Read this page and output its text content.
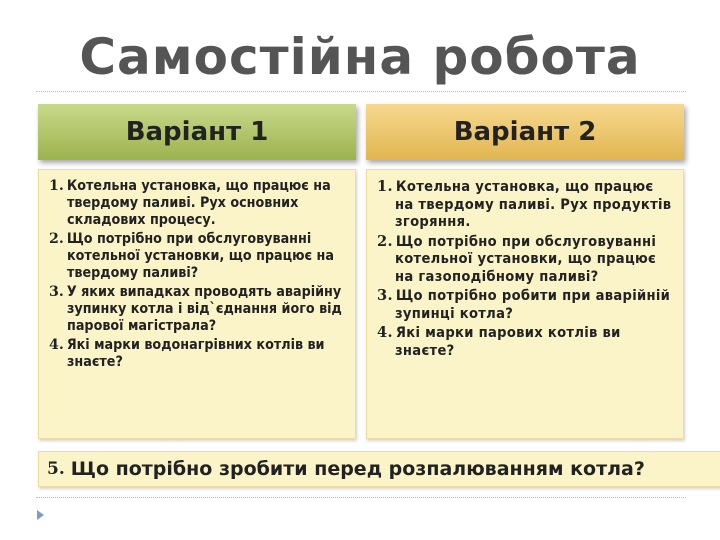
Самостійна робота
Варіант 1	Варіант 2
1. Котельна установка, що працює на твердому паливі. Рух основних складових процесу.
2. Що потрібно при обслуговуванні котельної установки, що працює на твердому паливі?
3. У яких випадках проводять аварійну зупинку котла і від`єднання його від парової магістрала?
4. Які марки водонагрівних котлів ви знаєте?
1. Котельна установка, що працює на твердому паливі. Рух продуктів згоряння.
2. Що потрібно при обслуговуванні котельної установки, що працює на газоподібному паливі?
3. Що потрібно робити при аварійній зупинці котла?
4. Які марки парових котлів ви знаєте?
5. Що потрібно зробити перед розпалюванням котла?
